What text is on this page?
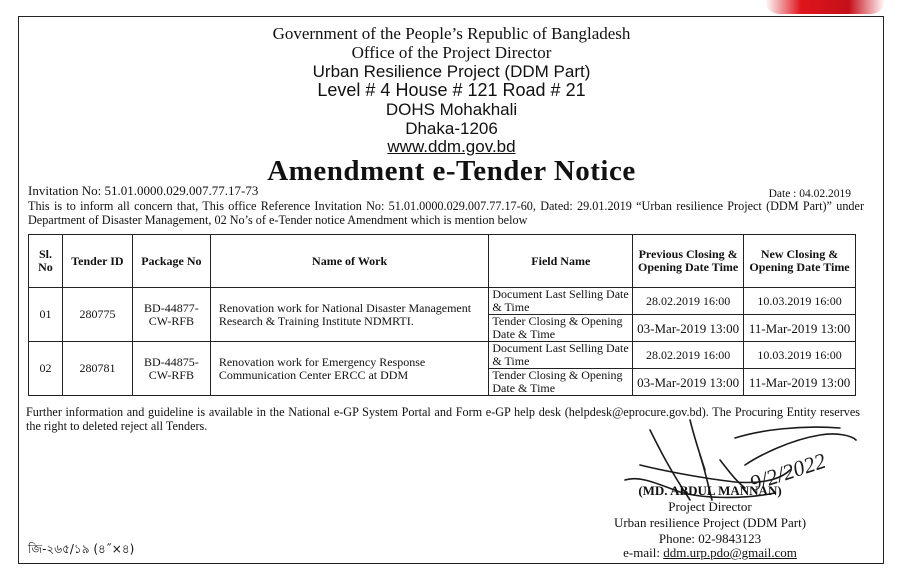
Government of the People’s Republic of Bangladesh
Office of the Project Director
Urban Resilience Project (DDM Part)
Level # 4 House # 121 Road # 21
DOHS Mohakhali
Dhaka-1206
www.ddm.gov.bd
Amendment e-Tender Notice
Invitation No: 51.01.0000.029.007.77.17-73	Date : 04.02.2019
This is to inform all concern that, This office Reference Invitation No: 51.01.0000.029.007.77.17-60, Dated: 29.01.2019 “Urban resilience Project (DDM Part)” under Department of Disaster Management, 02 No’s of e-Tender notice Amendment which is mention below
Sl. No	Tender ID	Package No	Name of Work	Field Name	Previous Closing & Opening Date Time	New Closing & Opening Date Time
01	280775	BD-44877-CW-RFB	Renovation work for National Disaster Management Research & Training Institute NDMRTI.	Document Last Selling Date & Time	28.02.2019 16:00	10.03.2019 16:00
				Tender Closing & Opening Date & Time	03-Mar-2019 13:00	11-Mar-2019 13:00
02	280781	BD-44875-CW-RFB	Renovation work for Emergency Response Communication Center ERCC at DDM	Document Last Selling Date & Time	28.02.2019 16:00	10.03.2019 16:00
				Tender Closing & Opening Date & Time	03-Mar-2019 13:00	11-Mar-2019 13:00
Further information and guideline is available in the National e-GP System Portal and Form e-GP help desk (helpdesk@eprocure.gov.bd). The Procuring Entity reserves the right to deleted reject all Tenders.
9/2/2022
(MD. ABDUL MANNAN)
Project Director
Urban resilience Project (DDM Part)
Phone: 02-9843123
e-mail: ddm.urp.pdo@gmail.com
জি-২৬৫/১৯ (৪˝×৪)
